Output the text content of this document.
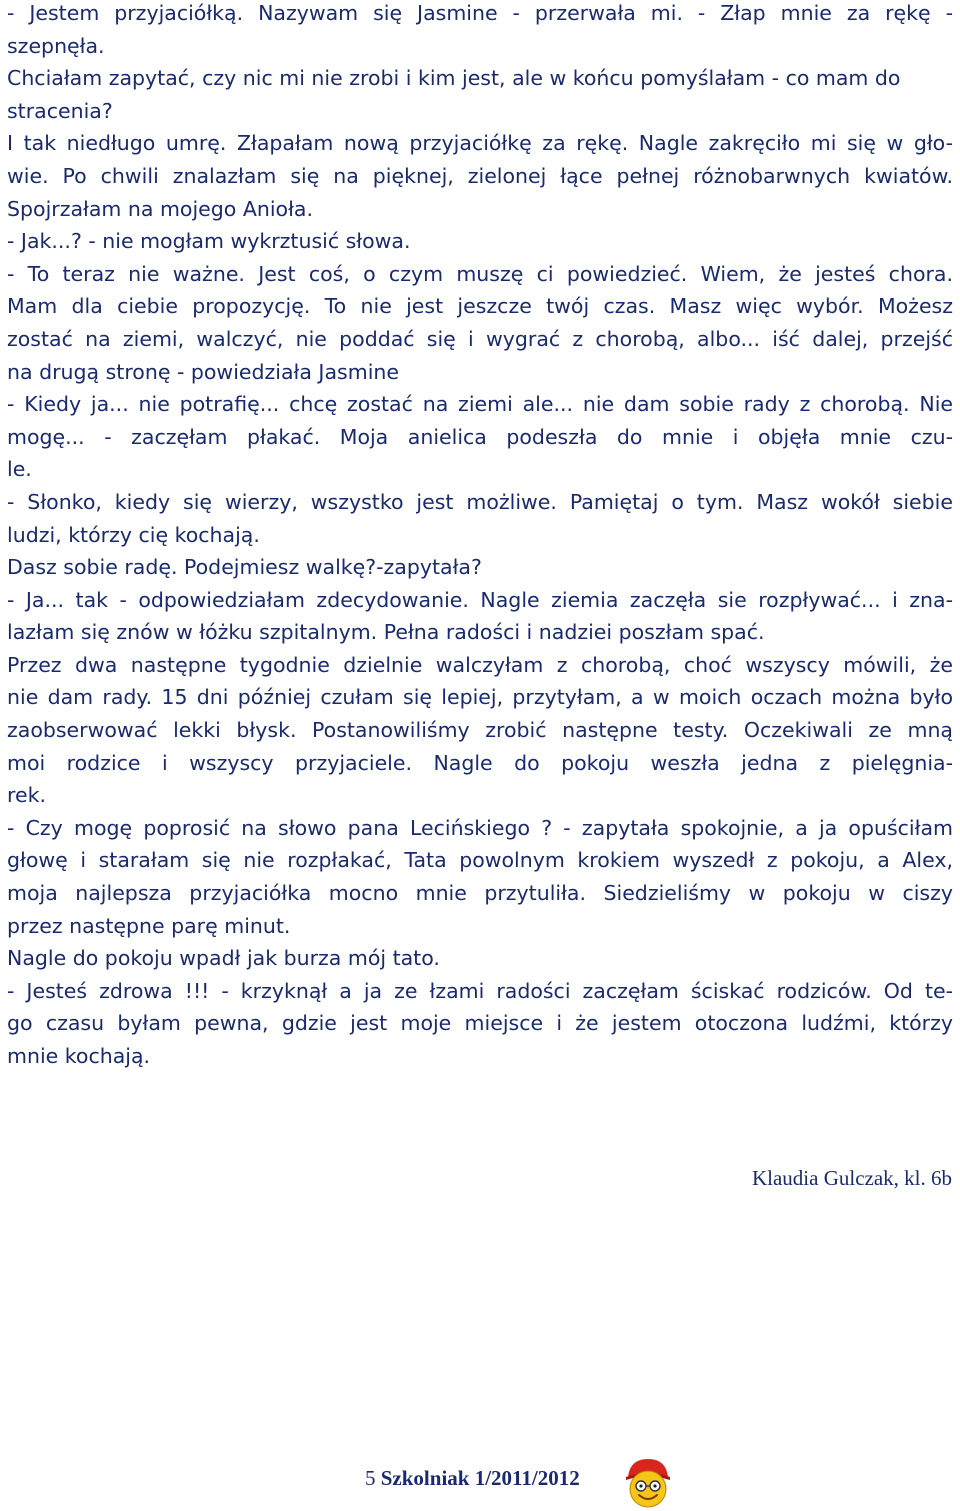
- Jestem przyjaciółką. Nazywam się Jasmine - przerwała mi. - Złap mnie za rękę -
szepnęła.
Chciałam zapytać, czy nic mi nie zrobi i kim jest, ale w końcu pomyślałam - co mam do
stracenia?
I tak niedługo umrę. Złapałam nową przyjaciółkę za rękę. Nagle zakręciło mi się w gło-
wie. Po chwili znalazłam się na pięknej, zielonej łące pełnej różnobarwnych kwiatów.
Spojrzałam na mojego Anioła.
- Jak...? - nie mogłam wykrztusić słowa.
- To teraz nie ważne. Jest coś, o czym muszę ci powiedzieć. Wiem, że jesteś chora.
Mam dla ciebie propozycję. To nie jest jeszcze twój czas. Masz więc wybór. Możesz
zostać na ziemi, walczyć, nie poddać się i wygrać z chorobą, albo... iść dalej, przejść
na drugą stronę - powiedziała Jasmine
- Kiedy ja... nie potrafię... chcę zostać na ziemi ale... nie dam sobie rady z chorobą. Nie
mogę... - zaczęłam płakać. Moja anielica podeszła do mnie i objęła mnie czu-
le.
- Słonko, kiedy się wierzy, wszystko jest możliwe. Pamiętaj o tym. Masz wokół siebie
ludzi, którzy cię kochają.
Dasz sobie radę. Podejmiesz walkę?-zapytała?
- Ja... tak - odpowiedziałam zdecydowanie. Nagle ziemia zaczęła sie rozpływać... i zna-
lazłam się znów w łóżku szpitalnym. Pełna radości i nadziei poszłam spać.
Przez dwa następne tygodnie dzielnie walczyłam z chorobą, choć wszyscy mówili, że
nie dam rady. 15 dni później czułam się lepiej, przytyłam, a w moich oczach można było
zaobserwować lekki błysk. Postanowiliśmy zrobić następne testy. Oczekiwali ze mną
moi rodzice i wszyscy przyjaciele. Nagle do pokoju weszła jedna z pielęgnia-
rek.
- Czy mogę poprosić na słowo pana Lecińskiego ? - zapytała spokojnie, a ja opuściłam
głowę i starałam się nie rozpłakać, Tata powolnym krokiem wyszedł z pokoju, a Alex,
moja najlepsza przyjaciółka mocno mnie przytuliła. Siedzieliśmy w pokoju w ciszy
przez następne parę minut.
Nagle do pokoju wpadł jak burza mój tato.
- Jesteś zdrowa !!! - krzyknął a ja ze łzami radości zaczęłam ściskać rodziców. Od te-
go czasu byłam pewna, gdzie jest moje miejsce i że jestem otoczona ludźmi, którzy
mnie kochają.
Klaudia Gulczak, kl. 6b
5 Szkolniak 1/2011/2012
